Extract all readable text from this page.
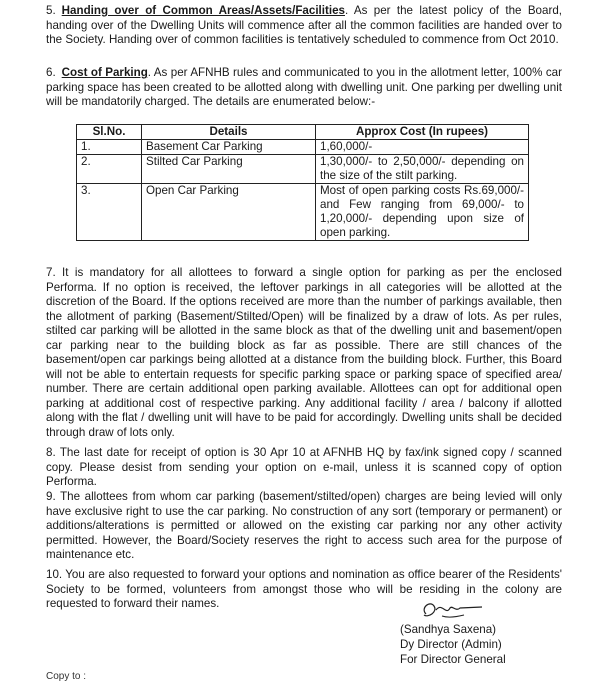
5. Handing over of Common Areas/Assets/Facilities. As per the latest policy of the Board, handing over of the Dwelling Units will commence after all the common facilities are handed over to the Society. Handing over of common facilities is tentatively scheduled to commence from Oct 2010.

6. Cost of Parking. As per AFNHB rules and communicated to you in the allotment letter, 100% car parking space has been created to be allotted along with dwelling unit. One parking per dwelling unit will be mandatorily charged. The details are enumerated below:-

Sl.No.	Details	Approx Cost (In rupees)
1.	Basement Car Parking	1,60,000/-
2.	Stilted Car Parking	1,30,000/- to 2,50,000/- depending on the size of the stilt parking.
3.	Open Car Parking	Most of open parking costs Rs.69,000/- and Few ranging from 69,000/- to 1,20,000/- depending upon size of open parking.

7. It is mandatory for all allottees to forward a single option for parking as per the enclosed Performa. If no option is received, the leftover parkings in all categories will be allotted at the discretion of the Board. If the options received are more than the number of parkings available, then the allotment of parking (Basement/Stilted/Open) will be finalized by a draw of lots. As per rules, stilted car parking will be allotted in the same block as that of the dwelling unit and basement/open car parking near to the building block as far as possible. There are still chances of the basement/open car parkings being allotted at a distance from the building block. Further, this Board will not be able to entertain requests for specific parking space or parking space of specified area/ number. There are certain additional open parking available. Allottees can opt for additional open parking at additional cost of respective parking. Any additional facility / area / balcony if allotted along with the flat / dwelling unit will have to be paid for accordingly. Dwelling units shall be decided through draw of lots only.

8. The last date for receipt of option is 30 Apr 10 at AFNHB HQ by fax/ink signed copy / scanned copy. Please desist from sending your option on e-mail, unless it is scanned copy of option Performa.

9. The allottees from whom car parking (basement/stilted/open) charges are being levied will only have exclusive right to use the car parking. No construction of any sort (temporary or permanent) or additions/alterations is permitted or allowed on the existing car parking nor any other activity permitted. However, the Board/Society reserves the right to access such area for the purpose of maintenance etc.

10. You are also requested to forward your options and nomination as office bearer of the Residents' Society to be formed, volunteers from amongst those who will be residing in the colony are requested to forward their names.

(Sandhya Saxena)
Dy Director (Admin)
For Director General
Copy to :
